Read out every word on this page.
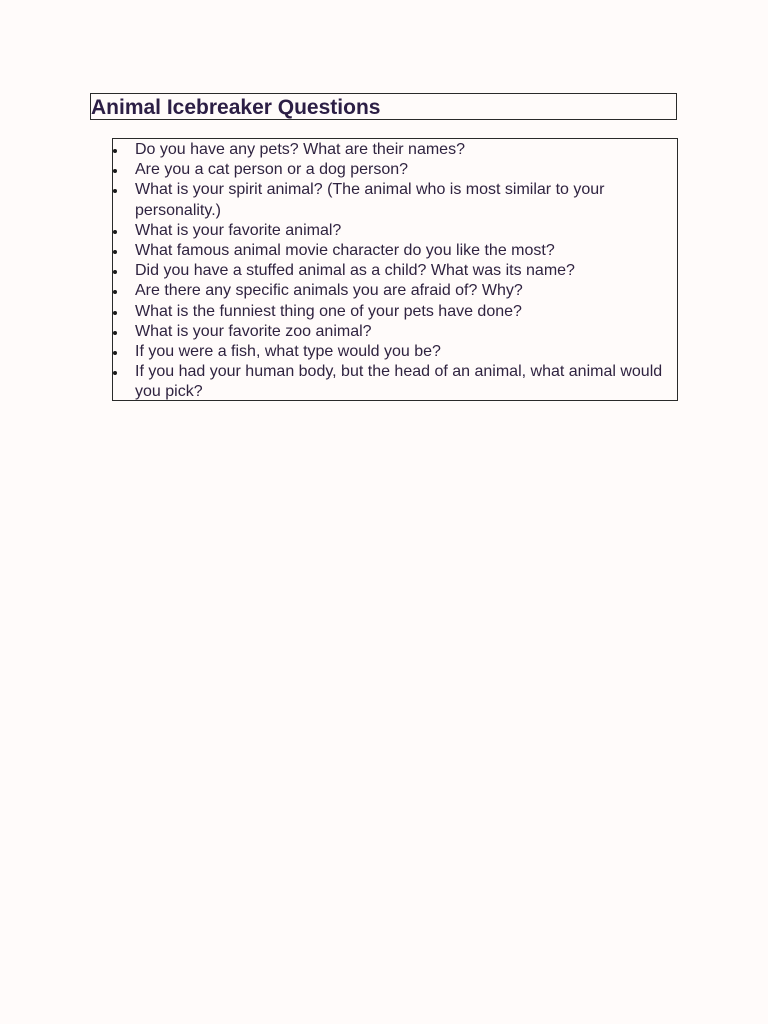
Animal Icebreaker Questions
Do you have any pets? What are their names?
Are you a cat person or a dog person?
What is your spirit animal? (The animal who is most similar to your personality.)
What is your favorite animal?
What famous animal movie character do you like the most?
Did you have a stuffed animal as a child? What was its name?
Are there any specific animals you are afraid of? Why?
What is the funniest thing one of your pets have done?
What is your favorite zoo animal?
If you were a fish, what type would you be?
If you had your human body, but the head of an animal, what animal would you pick?
